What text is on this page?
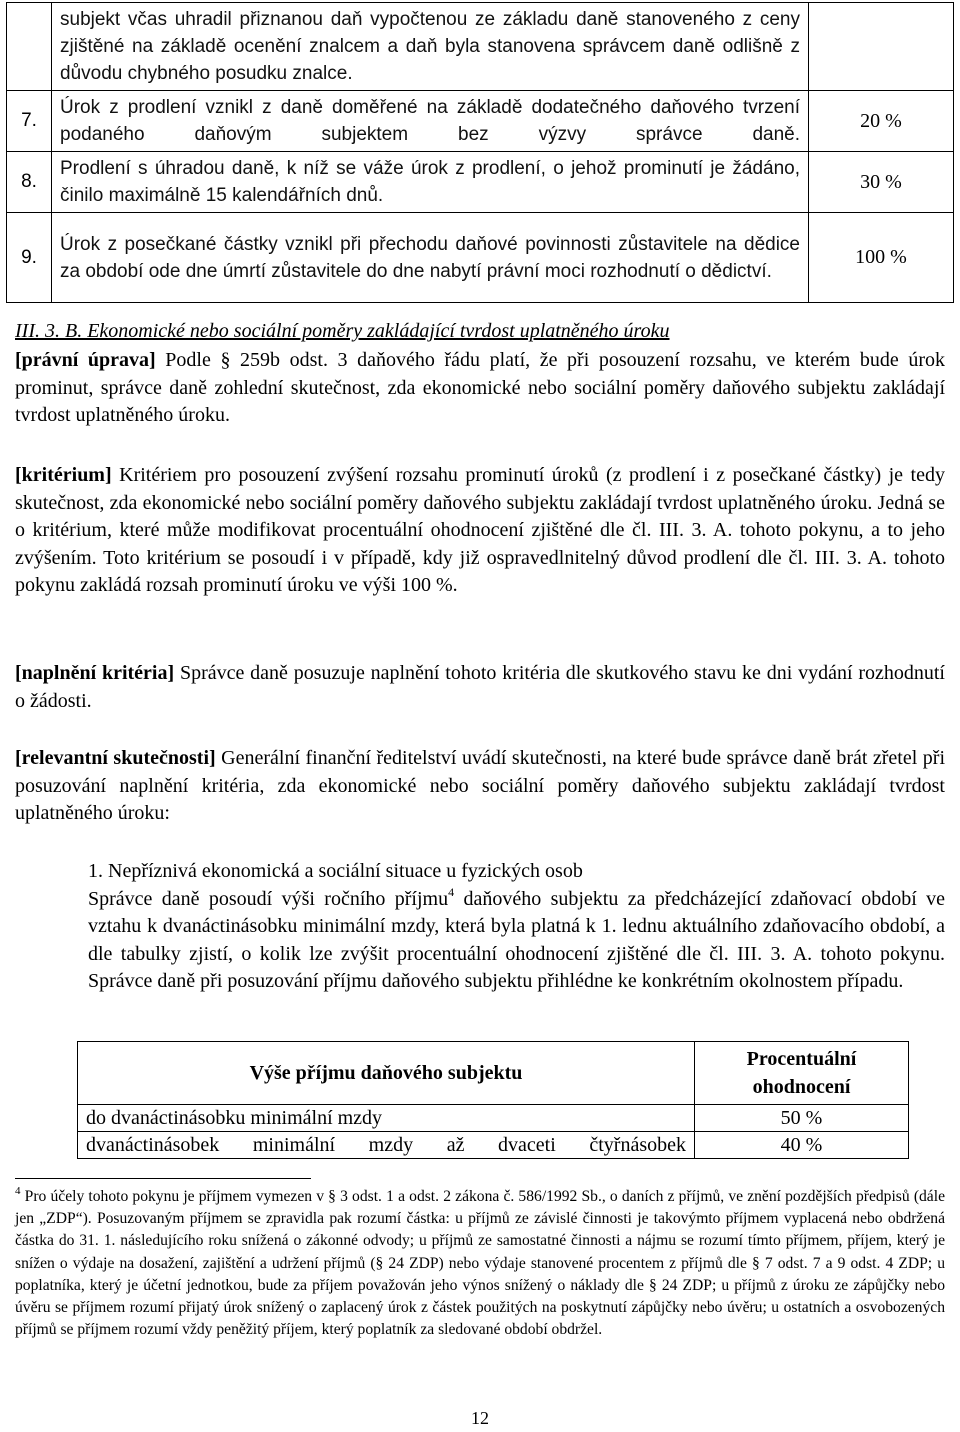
	subjekt včas uhradil přiznanou daň vypočtenou ze základu daně stanoveného z ceny zjištěné na základě ocenění znalcem a daň byla stanovena správcem daně odlišně z důvodu chybného posudku znalce.	
7.	Úrok z prodlení vznikl z daně doměřené na základě dodatečného daňového tvrzení podaného daňovým subjektem bez výzvy správce daně.	20 %
8.	Prodlení s úhradou daně, k níž se váže úrok z prodlení, o jehož prominutí je žádáno, činilo maximálně 15 kalendářních dnů.	30 %
9.	Úrok z posečkané částky vznikl při přechodu daňové povinnosti zůstavitele na dědice za období ode dne úmrtí zůstavitele do dne nabytí právní moci rozhodnutí o dědictví.	100 %
III. 3. B. Ekonomické nebo sociální poměry zakládající tvrdost uplatněného úroku
[právní úprava] Podle § 259b odst. 3 daňového řádu platí, že při posouzení rozsahu, ve kterém bude úrok prominut, správce daně zohlední skutečnost, zda ekonomické nebo sociální poměry daňového subjektu zakládají tvrdost uplatněného úroku.
[kritérium] Kritériem pro posouzení zvýšení rozsahu prominutí úroků (z prodlení i z posečkané částky) je tedy skutečnost, zda ekonomické nebo sociální poměry daňového subjektu zakládají tvrdost uplatněného úroku. Jedná se o kritérium, které může modifikovat procentuální ohodnocení zjištěné dle čl. III. 3. A. tohoto pokynu, a to jeho zvýšením. Toto kritérium se posoudí i v případě, kdy již ospravedlnitelný důvod prodlení dle čl. III. 3. A. tohoto pokynu zakládá rozsah prominutí úroku ve výši 100 %.
[naplnění kritéria] Správce daně posuzuje naplnění tohoto kritéria dle skutkového stavu ke dni vydání rozhodnutí o žádosti.
[relevantní skutečnosti] Generální finanční ředitelství uvádí skutečnosti, na které bude správce daně brát zřetel při posuzování naplnění kritéria, zda ekonomické nebo sociální poměry daňového subjektu zakládají tvrdost uplatněného úroku:
1. Nepříznivá ekonomická a sociální situace u fyzických osob
Správce daně posoudí výši ročního příjmu$^4$ daňového subjektu za předcházející zdaňovací období ve vztahu k dvanáctinásobku minimální mzdy, která byla platná k 1. lednu aktuálního zdaňovacího období, a dle tabulky zjistí, o kolik lze zvýšit procentuální ohodnocení zjištěné dle čl. III. 3. A. tohoto pokynu. Správce daně při posuzování příjmu daňového subjektu přihlédne ke konkrétním okolnostem případu.
Výše příjmu daňového subjektu	Procentuální ohodnocení
do dvanáctinásobku minimální mzdy	50 %
dvanáctinásobek minimální mzdy až dvaceti čtyřnásobek	40 %
$^4$ Pro účely tohoto pokynu je příjmem vymezen v § 3 odst. 1 a odst. 2 zákona č. 586/1992 Sb., o daních z příjmů, ve znění pozdějších předpisů (dále jen „ZDP“). Posuzovaným příjmem se zpravidla pak rozumí částka: u příjmů ze závislé činnosti je takovýmto příjmem vyplacená nebo obdržená částka do 31. 1. následujícího roku snížená o zákonné odvody; u příjmů ze samostatné činnosti a nájmu se rozumí tímto příjmem, příjem, který je snížen o výdaje na dosažení, zajištění a udržení příjmů (§ 24 ZDP) nebo výdaje stanovené procentem z příjmů dle § 7 odst. 7 a 9 odst. 4 ZDP; u poplatníka, který je účetní jednotkou, bude za příjem považován jeho výnos snížený o náklady dle § 24 ZDP; u příjmů z úroku ze zápůjčky nebo úvěru se příjmem rozumí přijatý úrok snížený o zaplacený úrok z částek použitých na poskytnutí zápůjčky nebo úvěru; u ostatních a osvobozených příjmů se příjmem rozumí vždy peněžitý příjem, který poplatník za sledované období obdržel.
12
